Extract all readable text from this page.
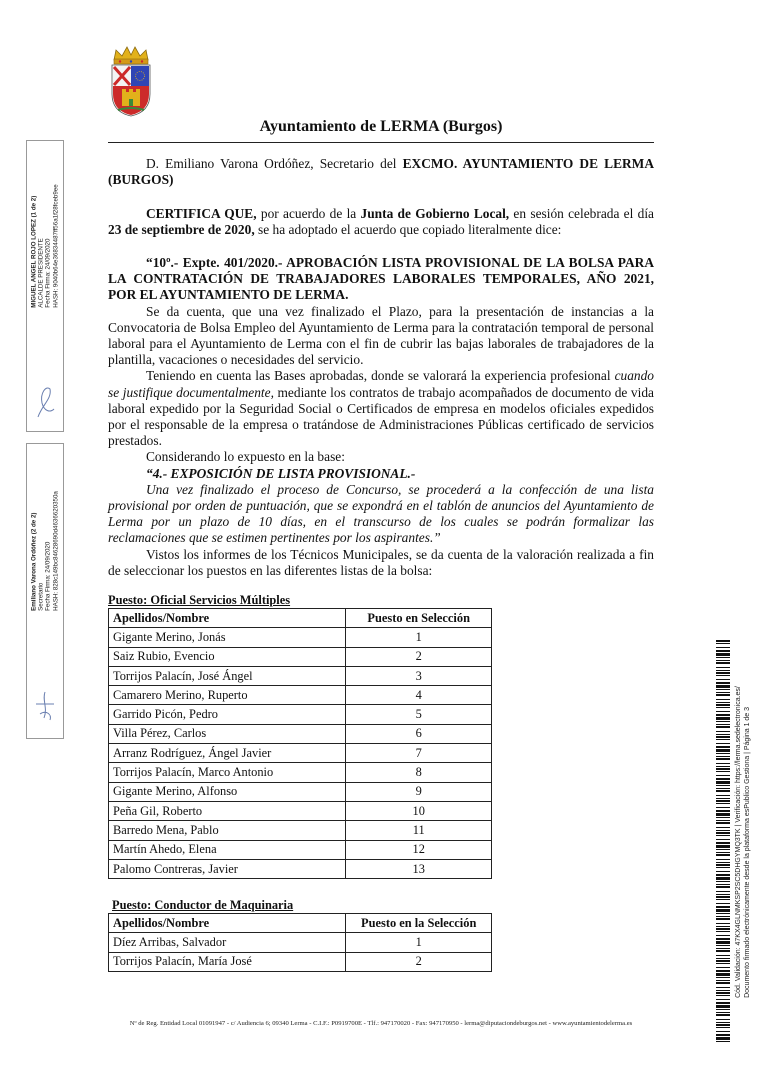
Ayuntamiento de LERMA (Burgos)
D. Emiliano Varona Ordóñez, Secretario del EXCMO. AYUNTAMIENTO DE LERMA (BURGOS)
CERTIFICA QUE, por acuerdo de la Junta de Gobierno Local, en sesión celebrada el día 23 de septiembre de 2020, se ha adoptado el acuerdo que copiado literalmente dice:
“10º.- Expte. 401/2020.- APROBACIÓN LISTA PROVISIONAL DE LA BOLSA PARA LA CONTRATACIÓN DE TRABAJADORES LABORALES TEMPORALES, AÑO 2021, POR EL AYUNTAMIENTO DE LERMA.
Se da cuenta, que una vez finalizado el Plazo, para la presentación de instancias a la Convocatoria de Bolsa Empleo del Ayuntamiento de Lerma para la contratación temporal de personal laboral para el Ayuntamiento de Lerma con el fin de cubrir las bajas laborales de trabajadores de la plantilla, vacaciones o necesidades del servicio.
Teniendo en cuenta las Bases aprobadas, donde se valorará la experiencia profesional cuando se justifique documentalmente, mediante los contratos de trabajo acompañados de documento de vida laboral expedido por la Seguridad Social o Certificados de empresa en modelos oficiales expedidos por el responsable de la empresa o tratándose de Administraciones Públicas certificado de servicios prestados.
Considerando lo expuesto en la base:
“4.- EXPOSICIÓN DE LISTA PROVISIONAL.-
Una vez finalizado el proceso de Concurso, se procederá a la confección de una lista provisional por orden de puntuación, que se expondrá en el tablón de anuncios del Ayuntamiento de Lerma por un plazo de 10 días, en el transcurso de los cuales se podrán formalizar las reclamaciones que se estimen pertinentes por los aspirantes.”
Vistos los informes de los Técnicos Municipales, se da cuenta de la valoración realizada a fin de seleccionar los puestos en las diferentes listas de la bolsa:
Puesto: Oficial Servicios Múltiples
Apellidos/Nombre	Puesto en Selección
Gigante Merino, Jonás	1
Saiz Rubio, Evencio	2
Torrijos Palacín, José Ángel	3
Camarero Merino, Ruperto	4
Garrido Picón, Pedro	5
Villa Pérez, Carlos	6
Arranz Rodríguez, Ángel Javier	7
Torrijos Palacín, Marco Antonio	8
Gigante Merino, Alfonso	9
Peña Gil, Roberto	10
Barredo Mena, Pablo	11
Martín Ahedo, Elena	12
Palomo Contreras, Javier	13
Puesto: Conductor de Maquinaria
Apellidos/Nombre	Puesto en la Selección
Díez Arribas, Salvador	1
Torrijos Palacín, María José	2
MIGUEL ANGEL ROJO LOPEZ (1 de 2) ALCALDE PRESIDENTE Fecha Firma: 24/09/2020 HASH: 9040b64e36834487ff56a1f28fceb9ee
Emiliano Varona Ordóñez (2 de 2) Secretario Fecha Firma: 24/09/2020 HASH: 828c149bc84628690d4636620350a
Cód. Validación: 47KX4GLNMKSP2SC5DHGYMQ3TK | Verificación: https://lerma.sedelectronica.es/ Documento firmado electrónicamente desde la plataforma esPublico Gestiona | Página 1 de 3
Nº de Reg. Entidad Local 01091947 - c/ Audiencia 6; 09340 Lerma - C.I.F.: P0919700E - Tlf.: 947170020 - Fax: 947170950 - lerma@diputaciondeburgos.net - www.ayuntamientodelerma.es
